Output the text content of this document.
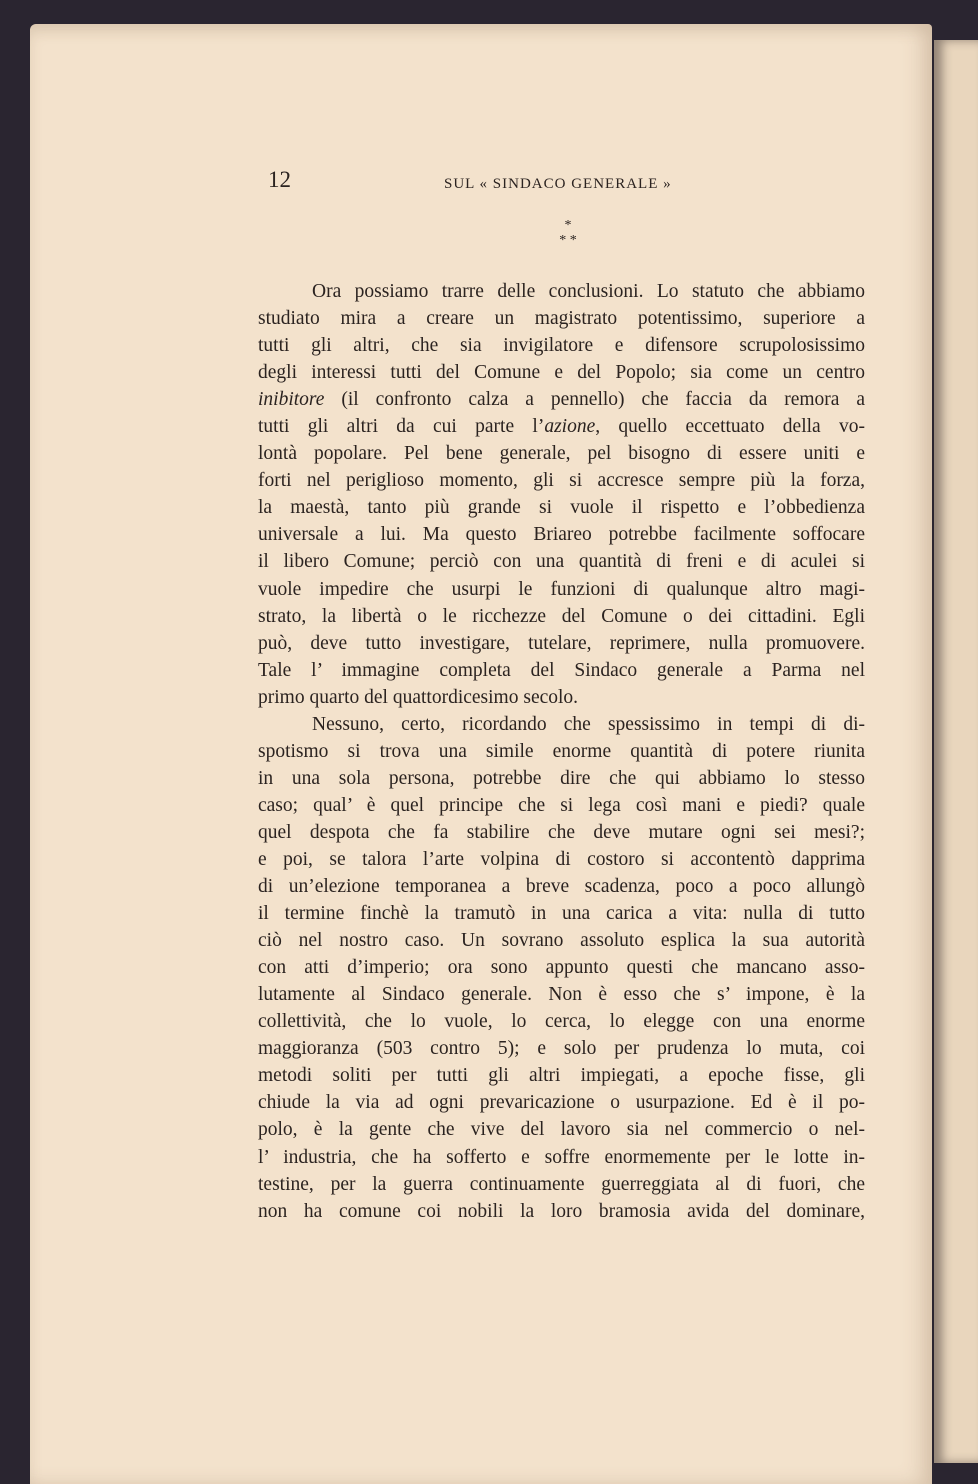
12	SUL « SINDACO GENERALE »
*
* *
Ora possiamo trarre delle conclusioni. Lo statuto che abbiamo
studiato mira a creare un magistrato potentissimo, superiore a
tutti gli altri, che sia invigilatore e difensore scrupolosissimo
degli interessi tutti del Comune e del Popolo; sia come un centro
inibitore (il confronto calza a pennello) che faccia da remora a
tutti gli altri da cui parte l’azione, quello eccettuato della vo-
lontà popolare. Pel bene generale, pel bisogno di essere uniti e
forti nel periglioso momento, gli si accresce sempre più la forza,
la maestà, tanto più grande si vuole il rispetto e l’obbedienza
universale a lui. Ma questo Briareo potrebbe facilmente soffocare
il libero Comune; perciò con una quantità di freni e di aculei si
vuole impedire che usurpi le funzioni di qualunque altro magi-
strato, la libertà o le ricchezze del Comune o dei cittadini. Egli
può, deve tutto investigare, tutelare, reprimere, nulla promuovere.
Tale l’ immagine completa del Sindaco generale a Parma nel
primo quarto del quattordicesimo secolo.
Nessuno, certo, ricordando che spessissimo in tempi di di-
spotismo si trova una simile enorme quantità di potere riunita
in una sola persona, potrebbe dire che qui abbiamo lo stesso
caso; qual’ è quel principe che si lega così mani e piedi? quale
quel despota che fa stabilire che deve mutare ogni sei mesi?;
e poi, se talora l’arte volpina di costoro si accontentò dapprima
di un’elezione temporanea a breve scadenza, poco a poco allungò
il termine finchè la tramutò in una carica a vita: nulla di tutto
ciò nel nostro caso. Un sovrano assoluto esplica la sua autorità
con atti d’imperio; ora sono appunto questi che mancano asso-
lutamente al Sindaco generale. Non è esso che s’ impone, è la
collettività, che lo vuole, lo cerca, lo elegge con una enorme
maggioranza (503 contro 5); e solo per prudenza lo muta, coi
metodi soliti per tutti gli altri impiegati, a epoche fisse, gli
chiude la via ad ogni prevaricazione o usurpazione. Ed è il po-
polo, è la gente che vive del lavoro sia nel commercio o nel-
l’ industria, che ha sofferto e soffre enormemente per le lotte in-
testine, per la guerra continuamente guerreggiata al di fuori, che
non ha comune coi nobili la loro bramosia avida del dominare,
